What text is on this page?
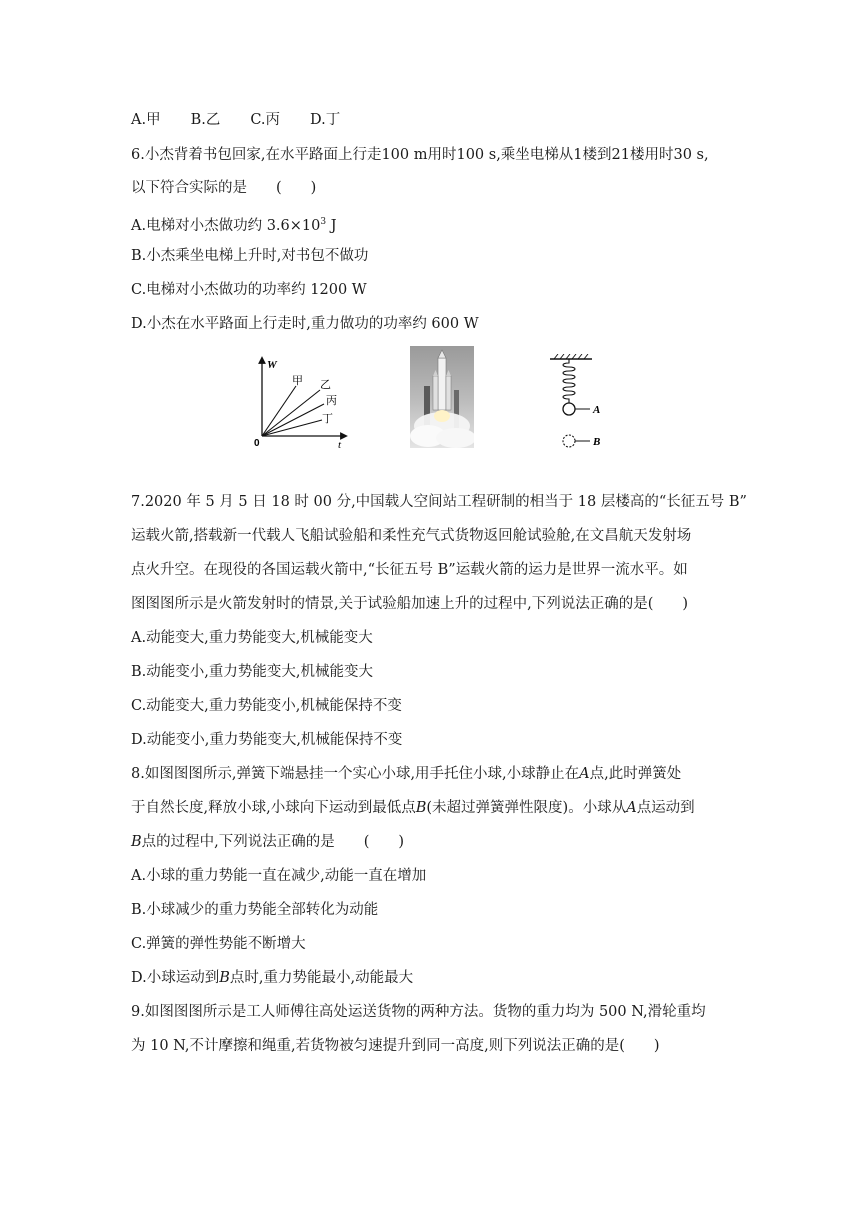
A.甲 B.乙 C.丙 D.丁
6.小杰背着书包回家,在水平路面上行走100 m用时100 s,乘坐电梯从1楼到21楼用时30 s,
以下符合实际的是　　(　　)
A.电梯对小杰做功约 $3.6\times 10^3$ J
B.小杰乘坐电梯上升时,对书包不做功
C.电梯对小杰做功的功率约 1200 W
D.小杰在水平路面上行走时,重力做功的功率约 600 W
W
t
0
甲 乙
丙
丁
A
B
7.2020 年 5 月 5 日 18 时 00 分,中国载人空间站工程研制的相当于 18 层楼高的“长征五号 B”
运载火箭,搭载新一代载人飞船试验船和柔性充气式货物返回舱试验舱,在文昌航天发射场
点火升空。在现役的各国运载火箭中,“长征五号 B”运载火箭的运力是世界一流水平。如
图图图所示是火箭发射时的情景,关于试验船加速上升的过程中,下列说法正确的是(　　)
A.动能变大,重力势能变大,机械能变大
B.动能变小,重力势能变大,机械能变大
C.动能变大,重力势能变小,机械能保持不变
D.动能变小,重力势能变大,机械能保持不变
8.如图图图所示,弹簧下端悬挂一个实心小球,用手托住小球,小球静止在A点,此时弹簧处
于自然长度,释放小球,小球向下运动到最低点B(未超过弹簧弹性限度)。小球从A点运动到
B点的过程中,下列说法正确的是　　(　　)
A.小球的重力势能一直在减少,动能一直在增加
B.小球减少的重力势能全部转化为动能
C.弹簧的弹性势能不断增大
D.小球运动到B点时,重力势能最小,动能最大
9.如图图图所示是工人师傅往高处运送货物的两种方法。货物的重力均为 500 N,滑轮重均
为 10 N,不计摩擦和绳重,若货物被匀速提升到同一高度,则下列说法正确的是(　　)
